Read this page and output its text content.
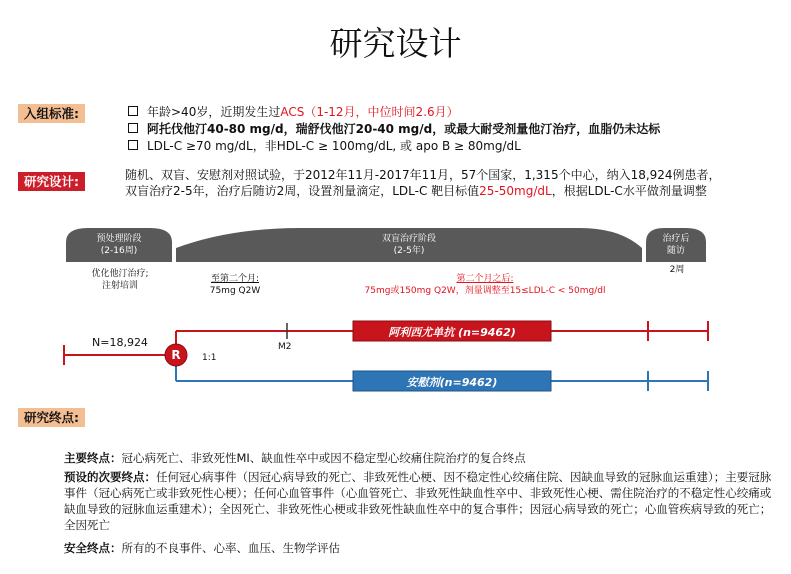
研究设计
入组标准:	年龄>40岁，近期发生过ACS（1-12月，中位时间2.6月）
阿托伐他汀40-80 mg/d，瑞舒伐他汀20-40 mg/d，或最大耐受剂量他汀治疗，血脂仍未达标
LDL-C ≥70 mg/dL，非HDL-C ≥ 100mg/dL, 或 apo B ≥ 80mg/dL
研究设计:	随机、双盲、安慰剂对照试验，于2012年11月-2017年11月，57个国家，1,315个中心，纳入18,924例患者，双盲治疗2-5年，治疗后随访2周，设置剂量滴定，LDL-C 靶目标值25-50mg/dL，根据LDL-C水平做剂量调整
预处理阶段
(2-16周)
双盲治疗阶段
(2-5年)
治疗后
随访
优化他汀治疗;
注射培训
至第二个月:
75mg Q2W
第二个月之后:
75mg或150mg Q2W，剂量调整至15≤LDL-C < 50mg/dl
2周
阿利西尤单抗 (n=9462)
安慰剂(n=9462)
R
N=18,924
1:1
M2
研究终点:
主要终点：冠心病死亡、非致死性MI、缺血性卒中或因不稳定型心绞痛住院治疗的复合终点
预设的次要终点：任何冠心病事件（因冠心病导致的死亡、非致死性心梗、因不稳定性心绞痛住院、因缺血导致的冠脉血运重建）；主要冠脉事件（冠心病死亡或非致死性心梗）；任何心血管事件（心血管死亡、非致死性缺血性卒中、非致死性心梗、需住院治疗的不稳定性心绞痛或缺血导致的冠脉血运重建术）；全因死亡、非致死性心梗或非致死性缺血性卒中的复合事件；因冠心病导致的死亡；心血管疾病导致的死亡；全因死亡
安全终点：所有的不良事件、心率、血压、生物学评估
